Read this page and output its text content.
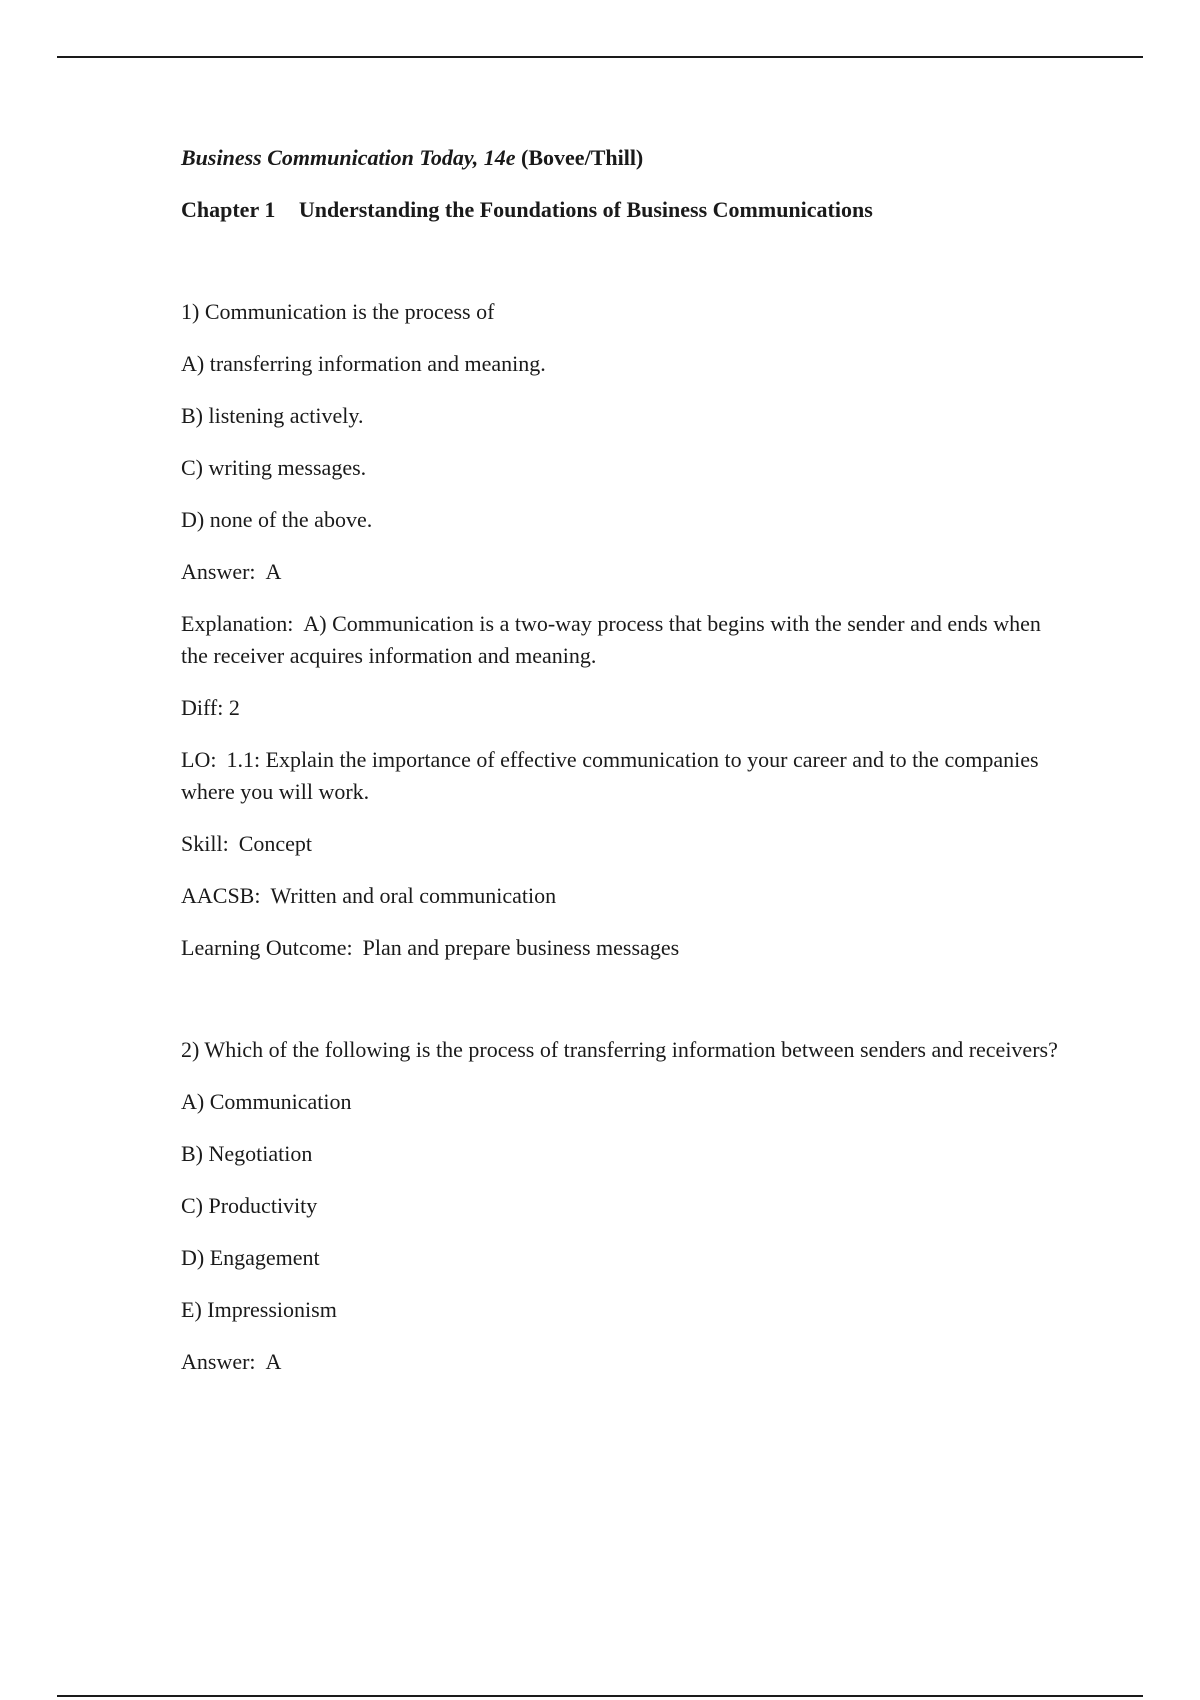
Business Communication Today, 14e (Bovee/Thill)

Chapter 1 Understanding the Foundations of Business Communications

1) Communication is the process of

A) transferring information and meaning.

B) listening actively.

C) writing messages.

D) none of the above.

Answer: A

Explanation: A) Communication is a two-way process that begins with the sender and ends when the receiver acquires information and meaning.

Diff: 2

LO: 1.1: Explain the importance of effective communication to your career and to the companies where you will work.

Skill: Concept

AACSB: Written and oral communication

Learning Outcome: Plan and prepare business messages

2) Which of the following is the process of transferring information between senders and receivers?

A) Communication

B) Negotiation

C) Productivity

D) Engagement

E) Impressionism

Answer: A
